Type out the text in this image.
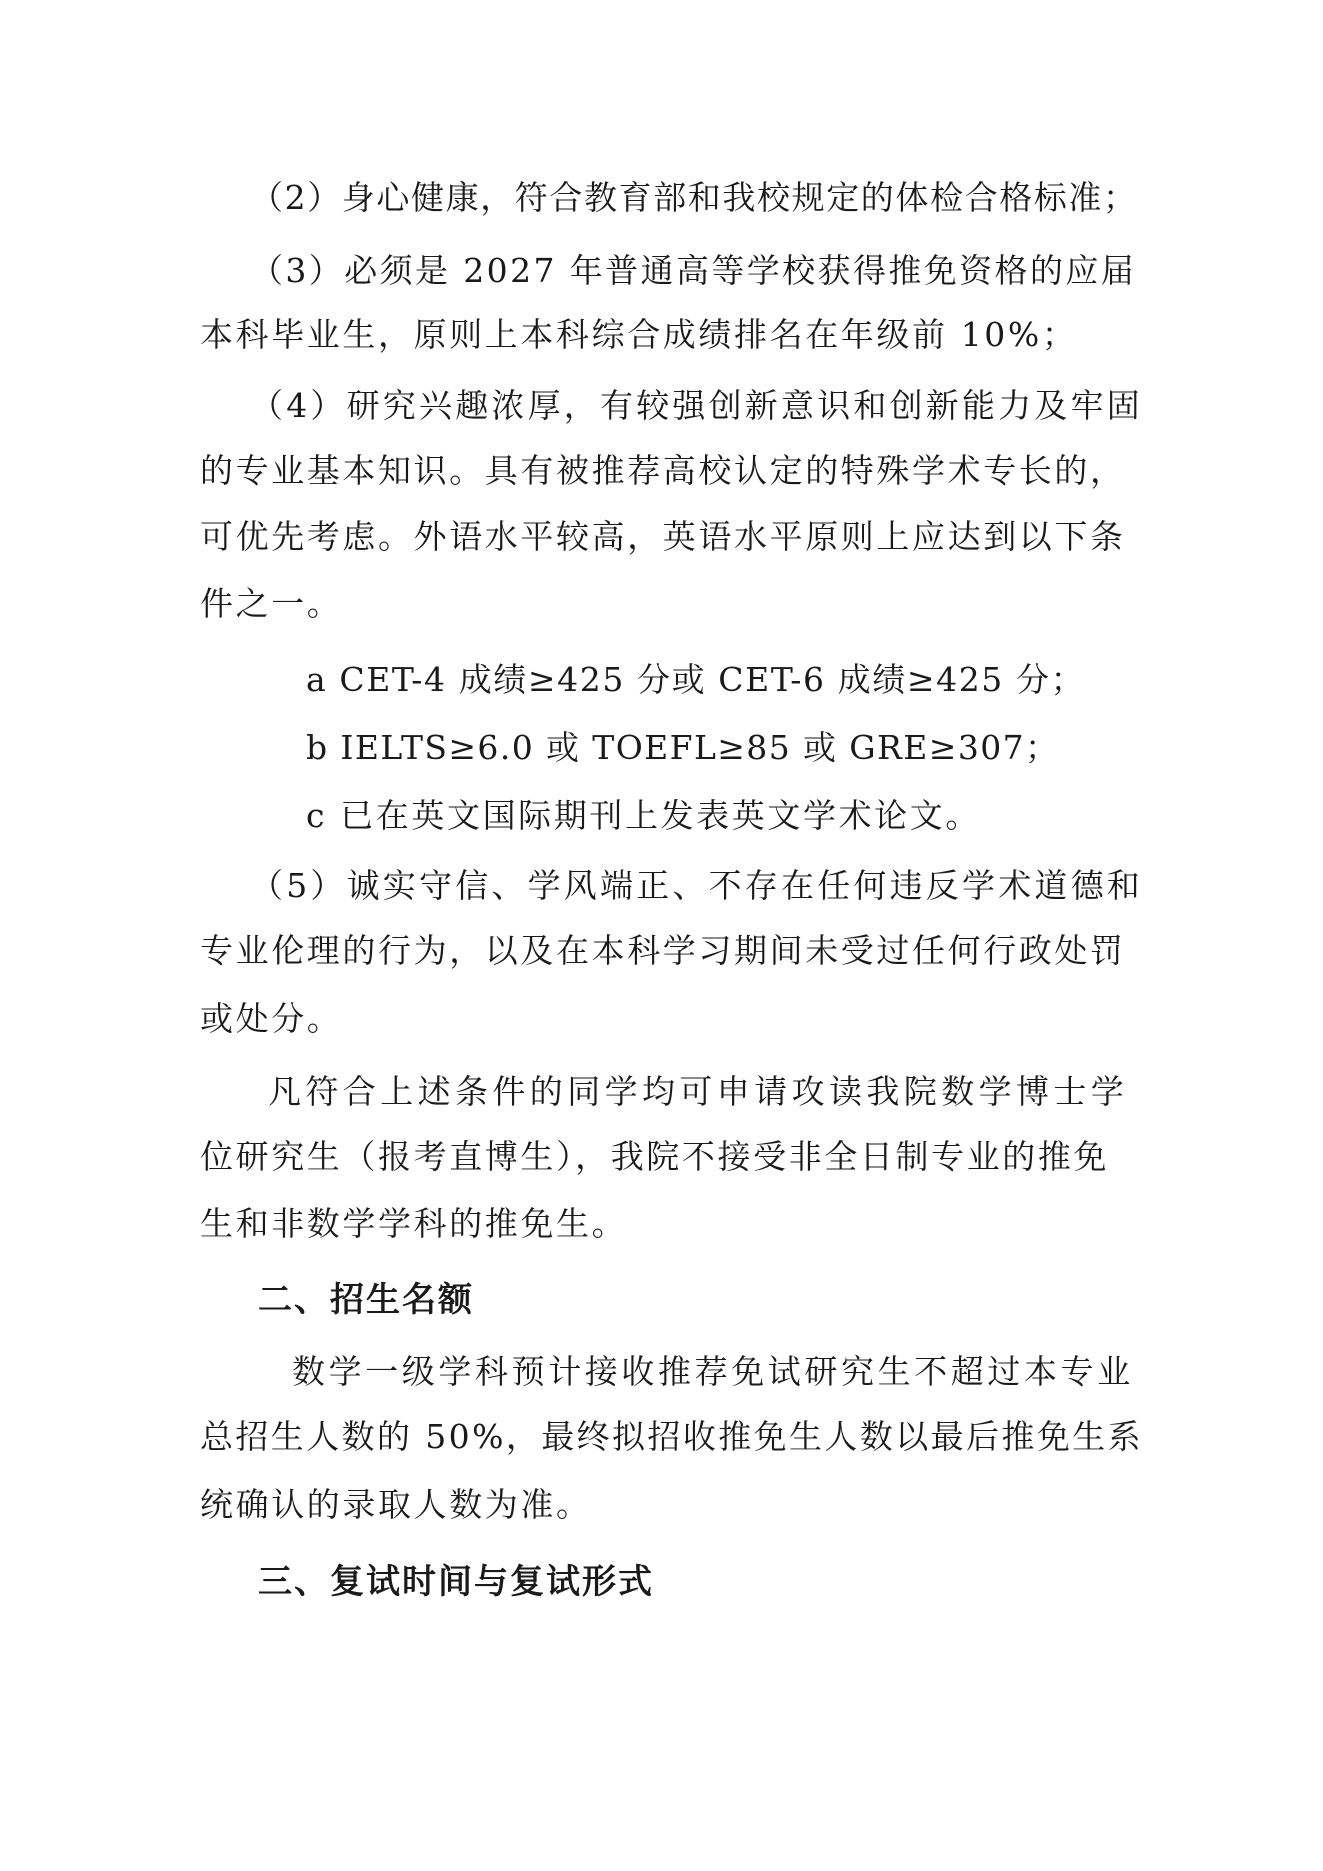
（2）身心健康，符合教育部和我校规定的体检合格标准；
（3）必须是 2027 年普通高等学校获得推免资格的应届
本科毕业生，原则上本科综合成绩排名在年级前 10%；
（4）研究兴趣浓厚，有较强创新意识和创新能力及牢固
的专业基本知识。具有被推荐高校认定的特殊学术专长的，
可优先考虑。外语水平较高，英语水平原则上应达到以下条
件之一。
a CET-4 成绩≥425 分或 CET-6 成绩≥425 分；
b IELTS≥6.0 或 TOEFL≥85 或 GRE≥307；
c 已在英文国际期刊上发表英文学术论文。
（5）诚实守信、学风端正、不存在任何违反学术道德和
专业伦理的行为，以及在本科学习期间未受过任何行政处罚
或处分。
凡符合上述条件的同学均可申请攻读我院数学博士学
位研究生（报考直博生），我院不接受非全日制专业的推免
生和非数学学科的推免生。
二、招生名额
数学一级学科预计接收推荐免试研究生不超过本专业
总招生人数的 50%，最终拟招收推免生人数以最后推免生系
统确认的录取人数为准。
三、复试时间与复试形式
